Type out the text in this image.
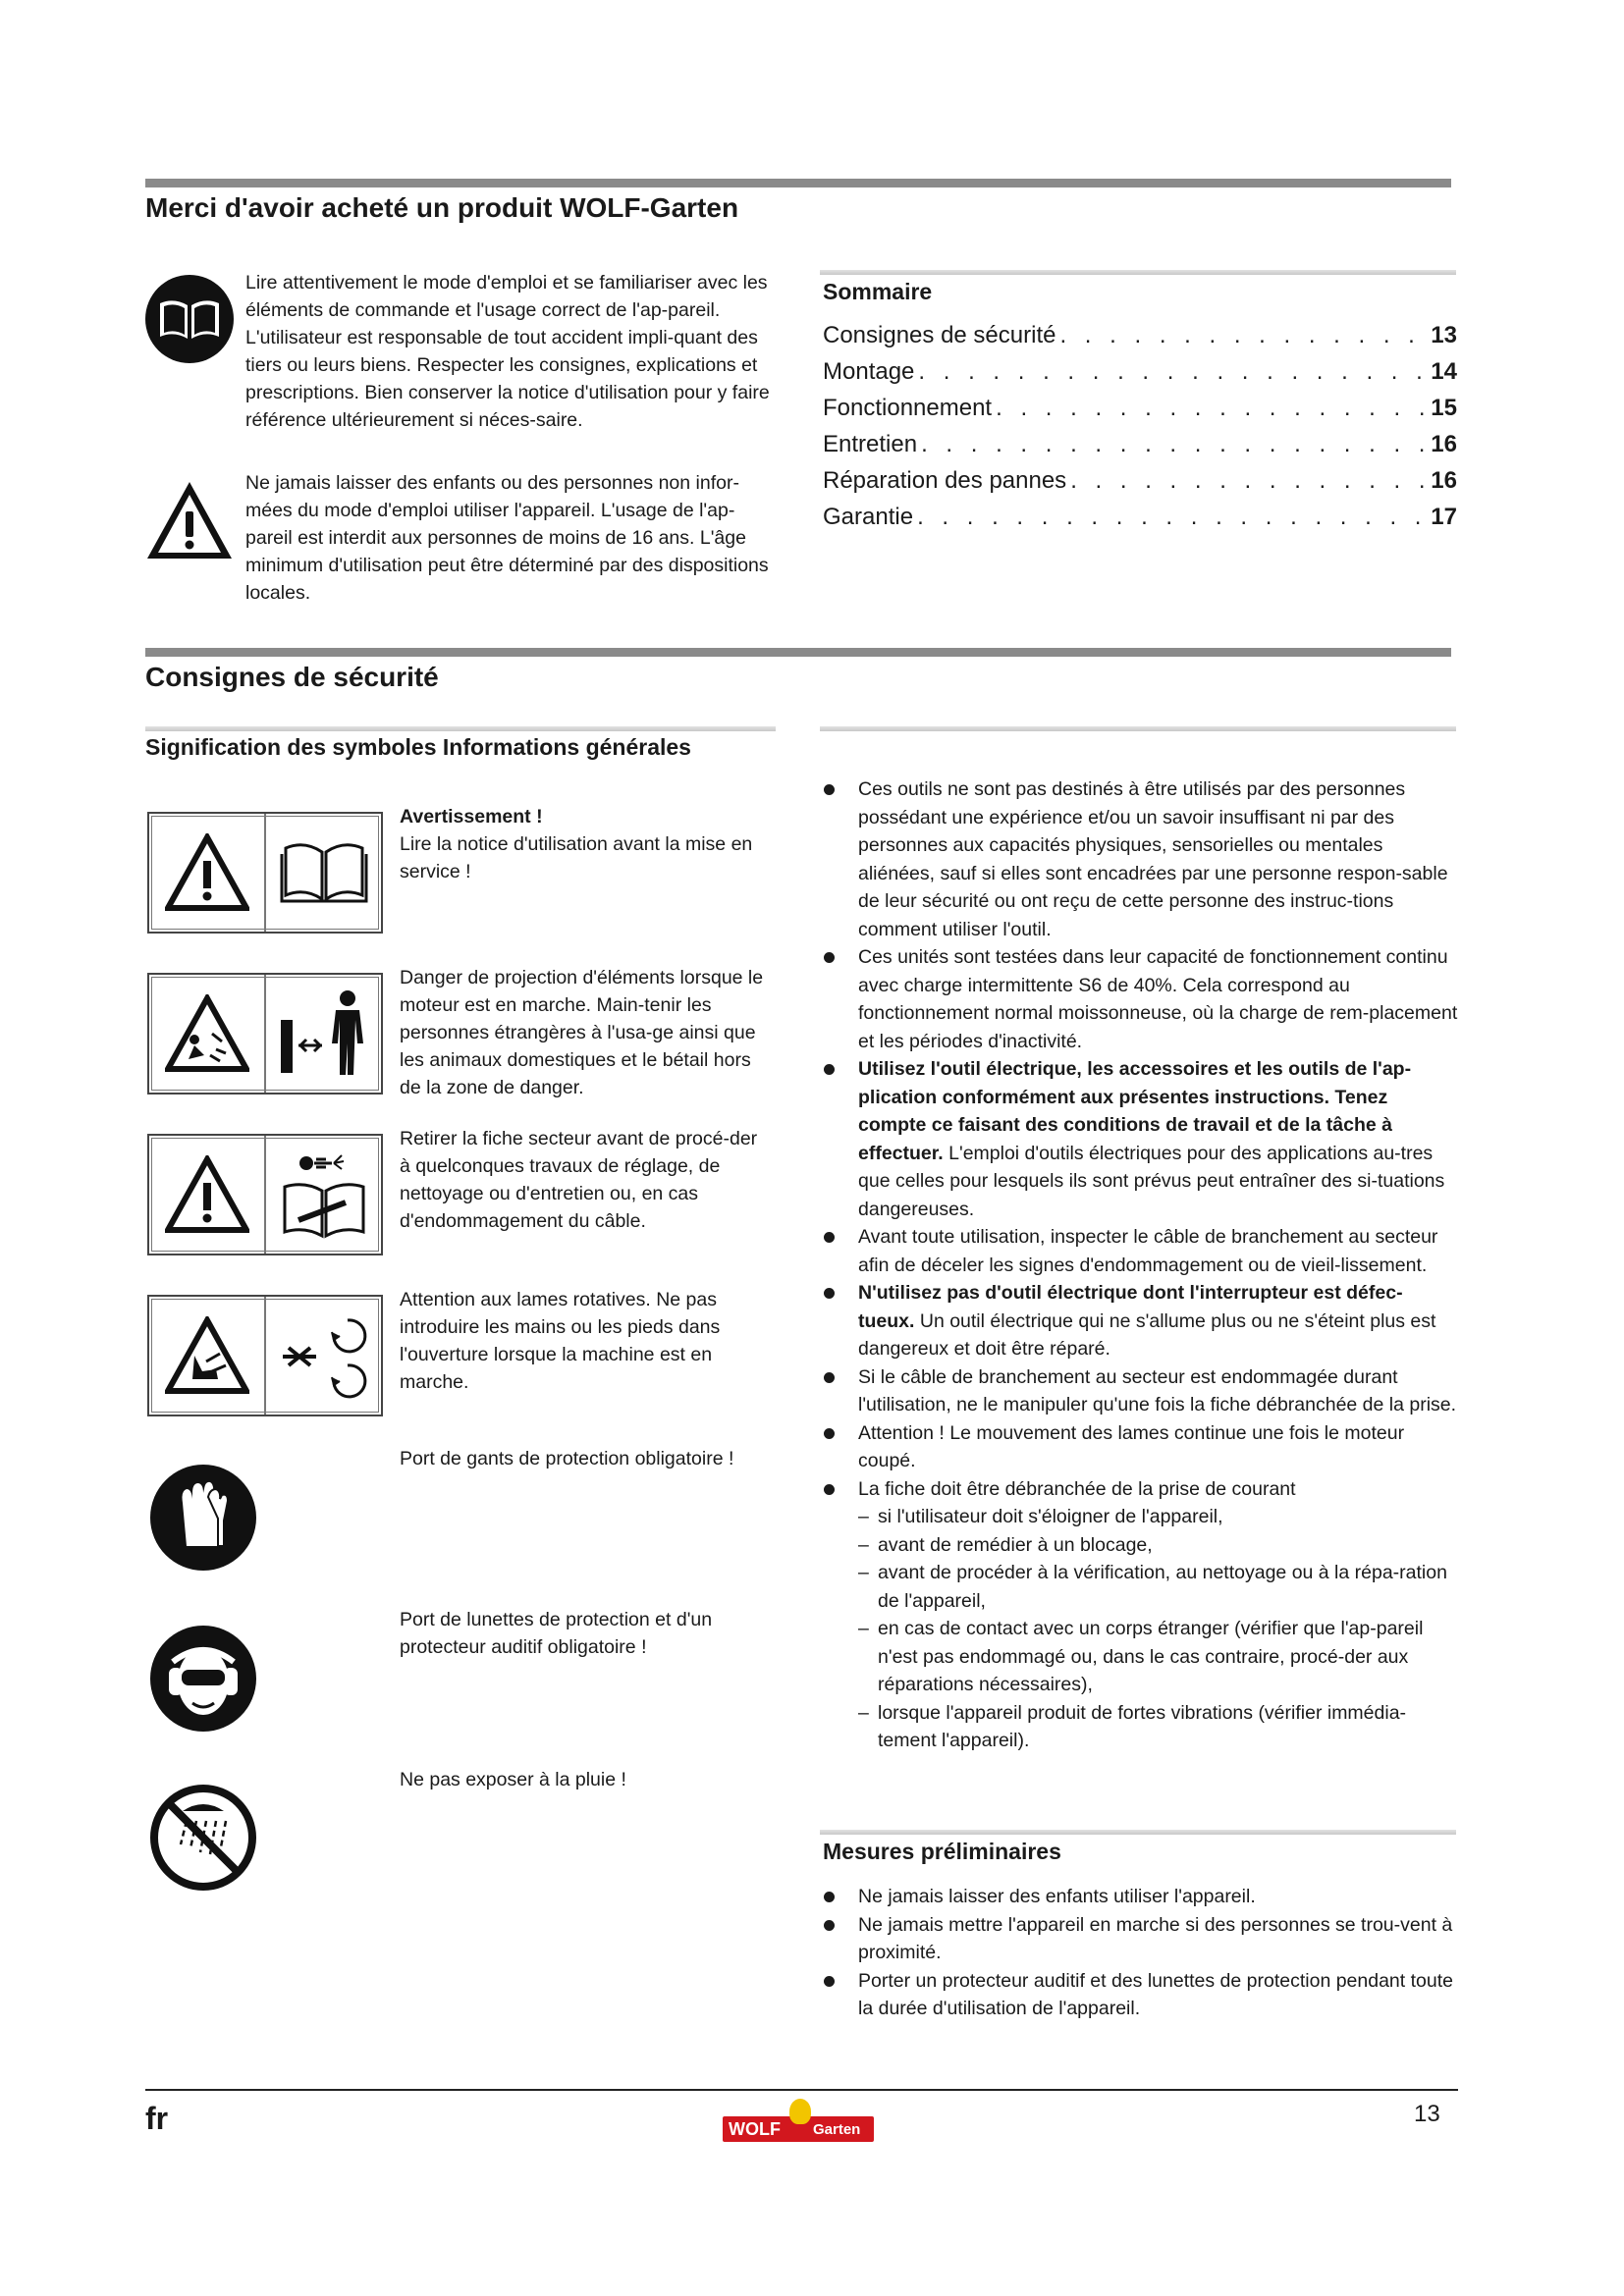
Merci d'avoir acheté un produit WOLF-Garten
Lire attentivement le mode d'emploi et se familiariser avec les éléments de commande et l'usage correct de l'ap-pareil. L'utilisateur est responsable de tout accident impli-quant des tiers ou leurs biens. Respecter les consignes, explications et prescriptions. Bien conserver la notice d'utilisation pour y faire référence ultérieurement si néces-saire.
Ne jamais laisser des enfants ou des personnes non infor-mées du mode d'emploi utiliser l'appareil. L'usage de l'ap-pareil est interdit aux personnes de moins de 16 ans. L'âge minimum d'utilisation peut être déterminé par des dispositions locales.
Sommaire
Consignes de sécurité . . .	13
Montage . . .	14
Fonctionnement . . .	15
Entretien . . .	16
Réparation des pannes . . .	16
Garantie . . .	17
Consignes de sécurité
Signification des symboles Informations générales
Avertissement !
Lire la notice d'utilisation avant la mise en service !
Danger de projection d'éléments lorsque le moteur est en marche. Main-tenir les personnes étrangères à l'usa-ge ainsi que les animaux domestiques et le bétail hors de la zone de danger.
Retirer la fiche secteur avant de procé-der à quelconques travaux de réglage, de nettoyage ou d'entretien ou, en cas d'endommagement du câble.
Attention aux lames rotatives. Ne pas introduire les mains ou les pieds dans l'ouverture lorsque la machine est en marche.
Port de gants de protection obligatoire !
Port de lunettes de protection et d'un protecteur auditif obligatoire !
Ne pas exposer à la pluie !
Ces outils ne sont pas destinés à être utilisés par des personnes possédant une expérience et/ou un savoir insuffisant ni par des personnes aux capacités physiques, sensorielles ou mentales aliénées, sauf si elles sont encadrées par une personne respon-sable de leur sécurité ou ont reçu de cette personne des instruc-tions comment utiliser l'outil.
Ces unités sont testées dans leur capacité de fonctionnement continu avec charge intermittente S6 de 40%. Cela correspond au fonctionnement normal moissonneuse, où la charge de rem-placement et les périodes d'inactivité.
Utilisez l'outil électrique, les accessoires et les outils de l'ap-plication conformément aux présentes instructions. Tenez compte ce faisant des conditions de travail et de la tâche à effectuer. L'emploi d'outils électriques pour des applications au-tres que celles pour lesquels ils sont prévus peut entraîner des si-tuations dangereuses.
Avant toute utilisation, inspecter le câble de branchement au secteur afin de déceler les signes d'endommagement ou de vieil-lissement.
N'utilisez pas d'outil électrique dont l'interrupteur est défec-tueux. Un outil électrique qui ne s'allume plus ou ne s'éteint plus est dangereux et doit être réparé.
Si le câble de branchement au secteur est endommagée durant l'utilisation, ne le manipuler qu'une fois la fiche débranchée de la prise.
Attention ! Le mouvement des lames continue une fois le moteur coupé.
La fiche doit être débranchée de la prise de courant
– si l'utilisateur doit s'éloigner de l'appareil,
– avant de remédier à un blocage,
– avant de procéder à la vérification, au nettoyage ou à la répa-ration de l'appareil,
– en cas de contact avec un corps étranger (vérifier que l'ap-pareil n'est pas endommagé ou, dans le cas contraire, procé-der aux réparations nécessaires),
– lorsque l'appareil produit de fortes vibrations (vérifier immédia-tement l'appareil).
Mesures préliminaires
Ne jamais laisser des enfants utiliser l'appareil.
Ne jamais mettre l'appareil en marche si des personnes se trou-vent à proximité.
Porter un protecteur auditif et des lunettes de protection pendant toute la durée d'utilisation de l'appareil.
fr	WOLF Garten
13
